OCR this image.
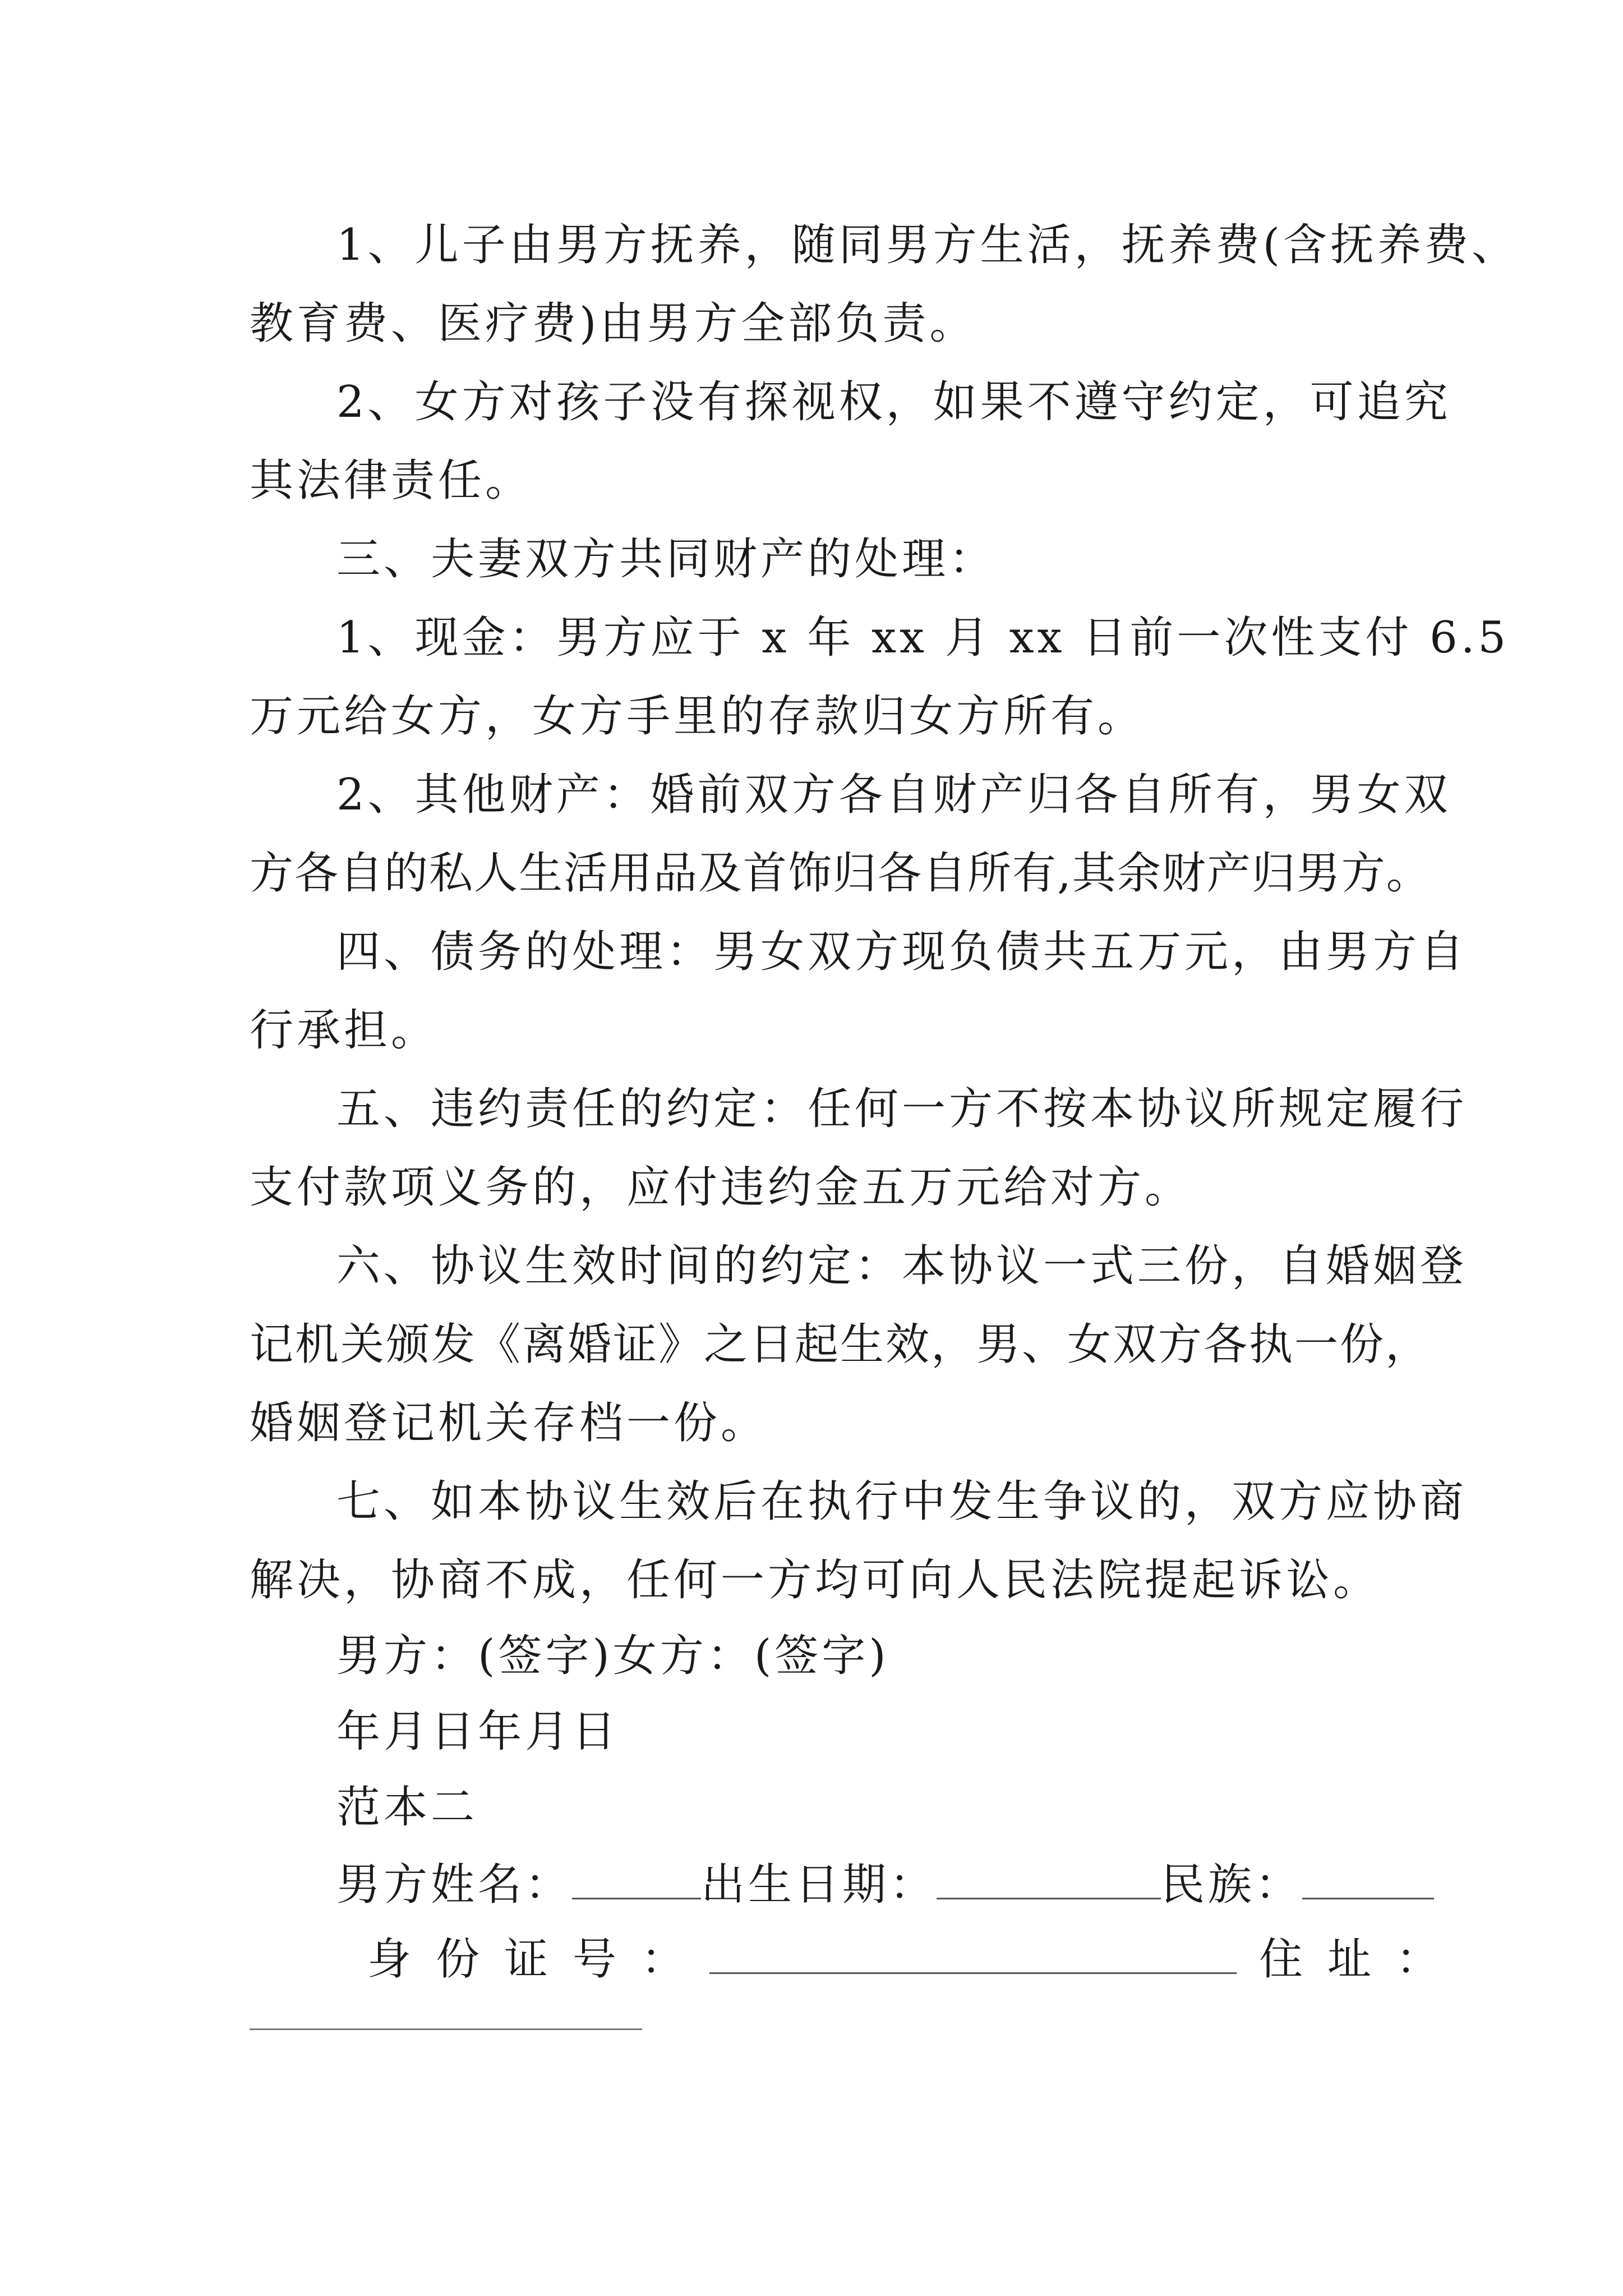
1、儿子由男方抚养，随同男方生活，抚养费(含抚养费、
教育费、医疗费)由男方全部负责。
2、女方对孩子没有探视权，如果不遵守约定，可追究
其法律责任。
三、夫妻双方共同财产的处理：
1、现金：男方应于 x 年 xx 月 xx 日前一次性支付 6.5
万元给女方，女方手里的存款归女方所有。
2、其他财产：婚前双方各自财产归各自所有，男女双
方各自的私人生活用品及首饰归各自所有,其余财产归男方。
四、债务的处理：男女双方现负债共五万元，由男方自
行承担。
五、违约责任的约定：任何一方不按本协议所规定履行
支付款项义务的，应付违约金五万元给对方。
六、协议生效时间的约定：本协议一式三份，自婚姻登
记机关颁发《离婚证》之日起生效，男、女双方各执一份，
婚姻登记机关存档一份。
七、如本协议生效后在执行中发生争议的，双方应协商
解决，协商不成，任何一方均可向人民法院提起诉讼。
男方：(签字)女方：(签字)
年月日年月日
范本二
男方姓名：	出生日期：	民族：
身份证号：	住址：
